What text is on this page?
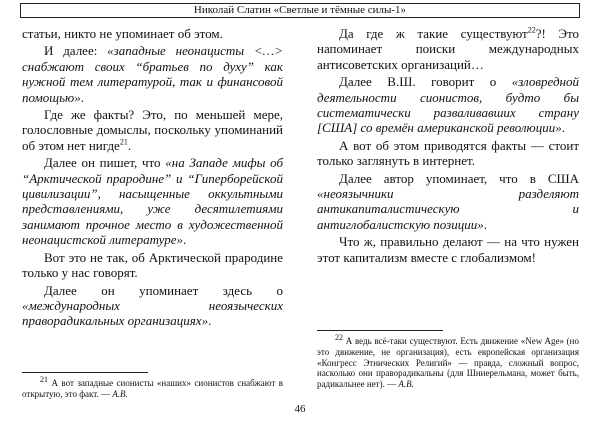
Николай Слатин «Светлые и тёмные силы-1»

статьи, никто не упоминает об этом.

И далее: «западные неонацисты <…> снабжают своих “братьев по духу” как нужной тем литературой, так и финансовой помощью».

Где же факты? Это, по меньшей мере, голословные домыслы, поскольку упоминаний об этом нет нигде$^{21}$.

Далее он пишет, что «на Западе мифы об “Арктической прародине” и “Гиперборейской цивилизации”, насыщенные оккультными представлениями, уже десятилетиями занимают прочное место в художественной неонацистской литературе».

Вот это не так, об Арктической прародине только у нас говорят.

Далее он упоминает здесь о «международных неоязыческих праворадикальных организациях».

Да где ж такие существуют$^{22}$?! Это напоминает поиски международных антисоветских организаций…

Далее В.Ш. говорит о «зловредной деятельности сионистов, будто бы систематически разваливавших страну [США] со времён американской революции».

А вот об этом приводятся факты — стоит только заглянуть в интернет.

Далее автор упоминает, что в США «неоязычники разделяют антикапиталистическую и антиглобалистскую позиции».

Что ж, правильно делают — на что нужен этот капитализм вместе с глобализмом!

$^{21}$ А вот западные сионисты «наших» сионистов снабжают в открытую, это факт. — А.В.

$^{22}$ А ведь всё-таки существуют. Есть движение «New Age» (но это движение, не организация), есть европейская организация «Конгресс Этнических Религий» — правда, сложный вопрос, насколько они праворадикальны (для Шниерельмана, может быть, радикальнее нет). — А.В.

46
